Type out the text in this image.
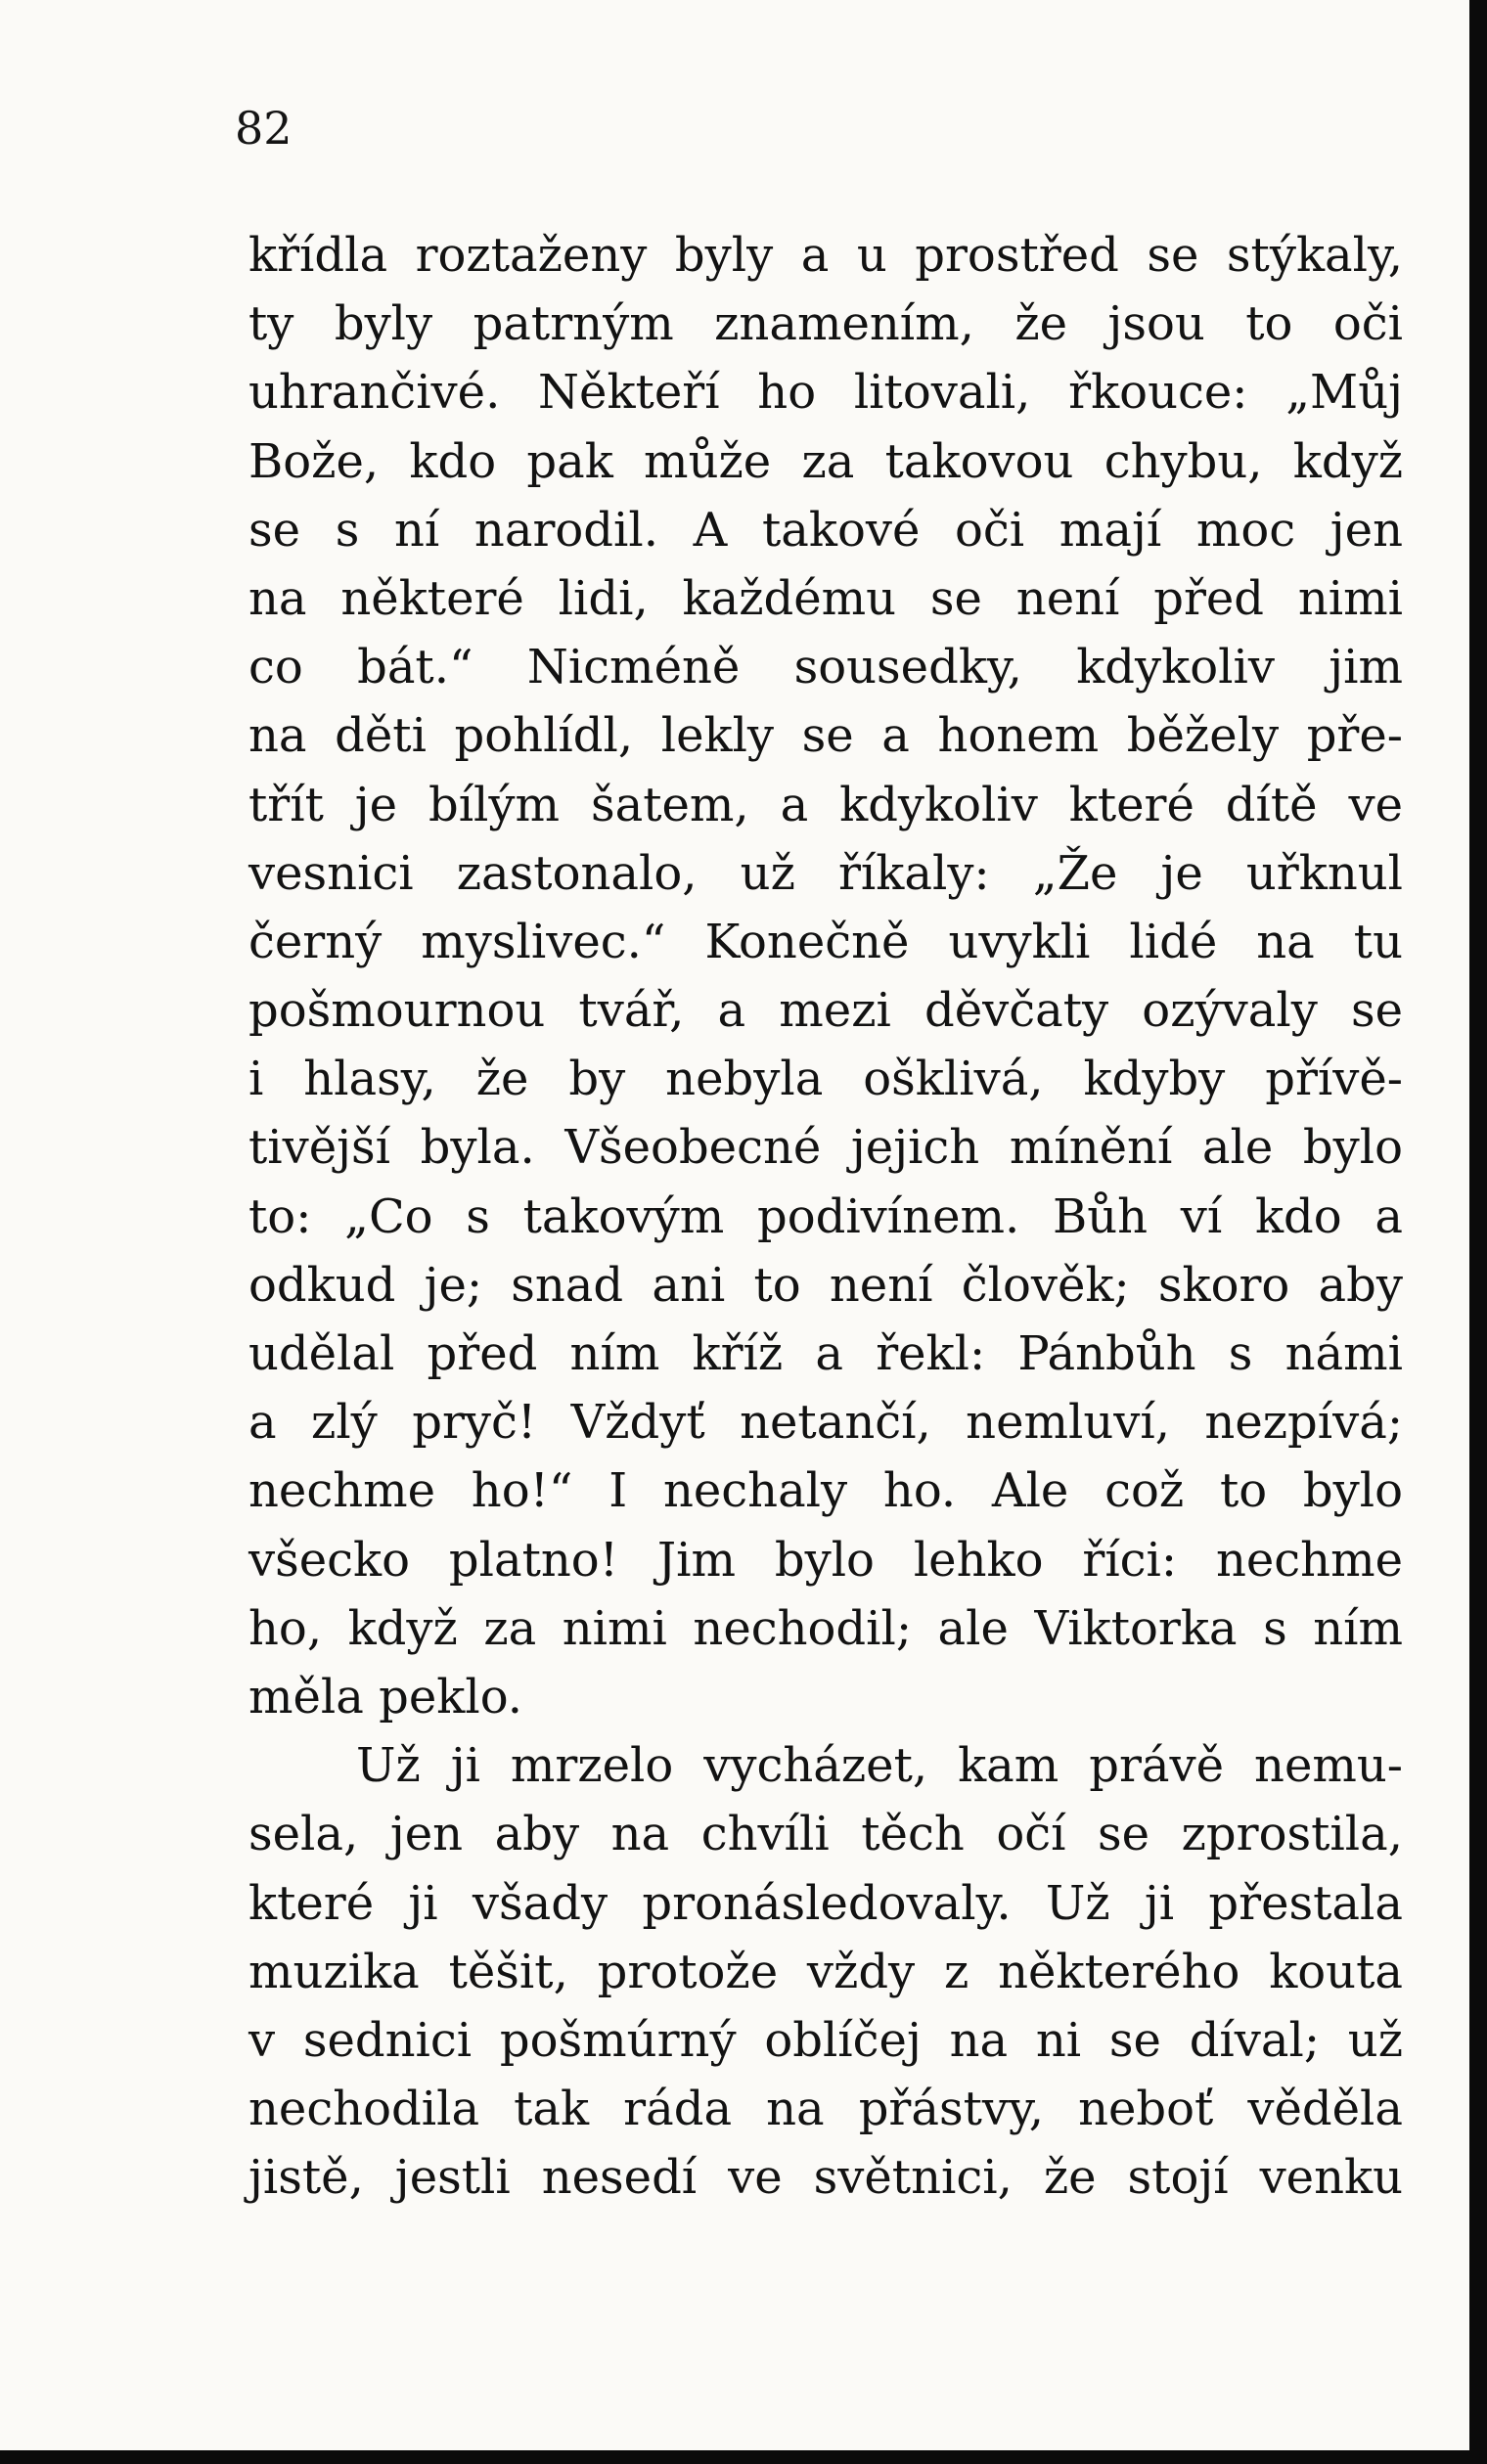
82
křídla roztaženy byly a u prostřed se stýkaly,
ty byly patrným znamením, že jsou to oči
uhrančivé. Někteří ho litovali, řkouce: „Můj
Bože, kdo pak může za takovou chybu, když
se s ní narodil. A takové oči mají moc jen
na některé lidi, každému se není před nimi
co bát.“ Nicméně sousedky, kdykoliv jim
na děti pohlídl, lekly se a honem běžely pře-
třít je bílým šatem, a kdykoliv které dítě ve
vesnici zastonalo, už říkaly: „Že je uřknul
černý myslivec.“ Konečně uvykli lidé na tu
pošmournou tvář, a mezi děvčaty ozývaly se
i hlasy, že by nebyla ošklivá, kdyby přívě-
tivější byla. Všeobecné jejich mínění ale bylo
to: „Co s takovým podivínem. Bůh ví kdo a
odkud je; snad ani to není člověk; skoro aby
udělal před ním kříž a řekl: Pánbůh s námi
a zlý pryč! Vždyť netančí, nemluví, nezpívá;
nechme ho!“ I nechaly ho. Ale což to bylo
všecko platno! Jim bylo lehko říci: nechme
ho, když za nimi nechodil; ale Viktorka s ním
měla peklo.
Už ji mrzelo vycházet, kam právě nemu-
sela, jen aby na chvíli těch očí se zprostila,
které ji všady pronásledovaly. Už ji přestala
muzika těšit, protože vždy z některého kouta
v sednici pošmúrný oblíčej na ni se díval; už
nechodila tak ráda na přástvy, neboť věděla
jistě, jestli nesedí ve světnici, že stojí venku
